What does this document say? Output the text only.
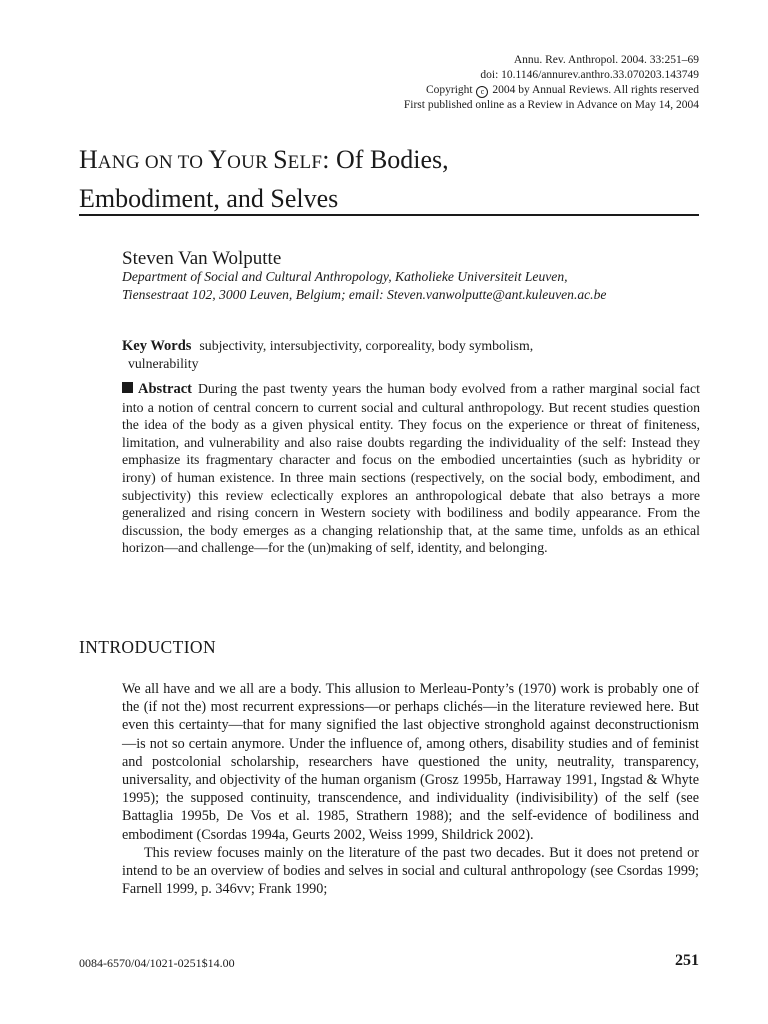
Annu. Rev. Anthropol. 2004. 33:251–69
doi: 10.1146/annurev.anthro.33.070203.143749
Copyright c 2004 by Annual Reviews. All rights reserved
First published online as a Review in Advance on May 14, 2004
HANG ON TO YOUR SELF: Of Bodies,
Embodiment, and Selves
Steven Van Wolputte
Department of Social and Cultural Anthropology, Katholieke Universiteit Leuven,
Tiensestraat 102, 3000 Leuven, Belgium; email: Steven.vanwolputte@ant.kuleuven.ac.be
Key Words subjectivity, intersubjectivity, corporeality, body symbolism,
vulnerability
Abstract During the past twenty years the human body evolved from a rather marginal social fact into a notion of central concern to current social and cultural anthropology. But recent studies question the idea of the body as a given physical entity. They focus on the experience or threat of finiteness, limitation, and vulnerability and also raise doubts regarding the individuality of the self: Instead they emphasize its fragmentary character and focus on the embodied uncertainties (such as hybridity or irony) of human existence. In three main sections (respectively, on the social body, embodiment, and subjectivity) this review eclectically explores an anthropological debate that also betrays a more generalized and rising concern in Western society with bodiliness and bodily appearance. From the discussion, the body emerges as a changing relationship that, at the same time, unfolds as an ethical horizon—and challenge—for the (un)making of self, identity, and belonging.
INTRODUCTION

We all have and we all are a body. This allusion to Merleau-Ponty’s (1970) work is probably one of the (if not the) most recurrent expressions—or perhaps clichés—in the literature reviewed here. But even this certainty—that for many signified the last objective stronghold against deconstructionism—is not so certain anymore. Under the influence of, among others, disability studies and of feminist and postcolonial scholarship, researchers have questioned the unity, neutrality, transparency, universality, and objectivity of the human organism (Grosz 1995b, Harraway 1991, Ingstad & Whyte 1995); the supposed continuity, transcendence, and individuality (indivisibility) of the self (see Battaglia 1995b, De Vos et al. 1985, Strathern 1988); and the self-evidence of bodiliness and embodiment (Csordas 1994a, Geurts 2002, Weiss 1999, Shildrick 2002).

This review focuses mainly on the literature of the past two decades. But it does not pretend or intend to be an overview of bodies and selves in social and cultural anthropology (see Csordas 1999; Farnell 1999, p. 346vv; Frank 1990;

0084-6570/04/1021-0251$14.00	251
